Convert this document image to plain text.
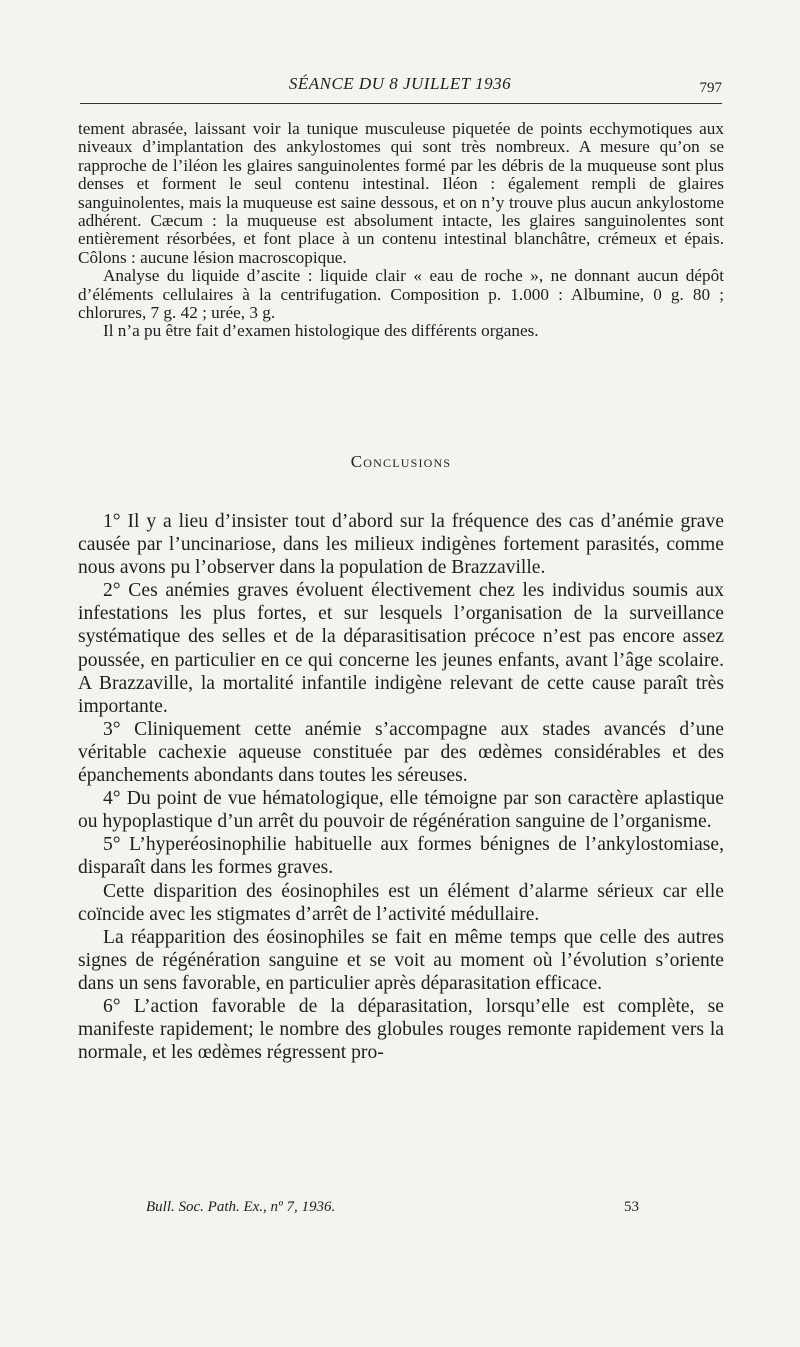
SÉANCE DU 8 JUILLET 1936	797

tement abrasée, laissant voir la tunique musculeuse piquetée de points ecchymotiques aux niveaux d’implantation des ankylostomes qui sont très nombreux. A mesure qu’on se rapproche de l’iléon les glaires sanguinolentes formé par les débris de la muqueuse sont plus denses et forment le seul contenu intestinal. Iléon : également rempli de glaires sanguinolentes, mais la muqueuse est saine dessous, et on n’y trouve plus aucun ankylostome adhérent. Cæcum : la muqueuse est absolument intacte, les glaires sanguinolentes sont entièrement résorbées, et font place à un contenu intestinal blanchâtre, crémeux et épais. Côlons : aucune lésion macroscopique.

Analyse du liquide d’ascite : liquide clair « eau de roche », ne donnant aucun dépôt d’éléments cellulaires à la centrifugation. Composition p. 1.000 : Albumine, 0 g. 80 ; chlorures, 7 g. 42 ; urée, 3 g.

Il n’a pu être fait d’examen histologique des différents organes.

Conclusions

1° Il y a lieu d’insister tout d’abord sur la fréquence des cas d’anémie grave causée par l’uncinariose, dans les milieux indigènes fortement parasités, comme nous avons pu l’observer dans la population de Brazzaville.

2° Ces anémies graves évoluent électivement chez les individus soumis aux infestations les plus fortes, et sur lesquels l’organisation de la surveillance systématique des selles et de la déparasitisation précoce n’est pas encore assez poussée, en particulier en ce qui concerne les jeunes enfants, avant l’âge scolaire. A Brazzaville, la mortalité infantile indigène relevant de cette cause paraît très importante.

3° Cliniquement cette anémie s’accompagne aux stades avancés d’une véritable cachexie aqueuse constituée par des œdèmes considérables et des épanchements abondants dans toutes les séreuses.

4° Du point de vue hématologique, elle témoigne par son caractère aplastique ou hypoplastique d’un arrêt du pouvoir de régénération sanguine de l’organisme.

5° L’hyperéosinophilie habituelle aux formes bénignes de l’ankylostomiase, disparaît dans les formes graves.

Cette disparition des éosinophiles est un élément d’alarme sérieux car elle coïncide avec les stigmates d’arrêt de l’activité médullaire.

La réapparition des éosinophiles se fait en même temps que celle des autres signes de régénération sanguine et se voit au moment où l’évolution s’oriente dans un sens favorable, en particulier après déparasitation efficace.

6° L’action favorable de la déparasitation, lorsqu’elle est complète, se manifeste rapidement; le nombre des globules rouges remonte rapidement vers la normale, et les œdèmes régressent pro-

Bull. Soc. Path. Ex., nº 7, 1936.	53
